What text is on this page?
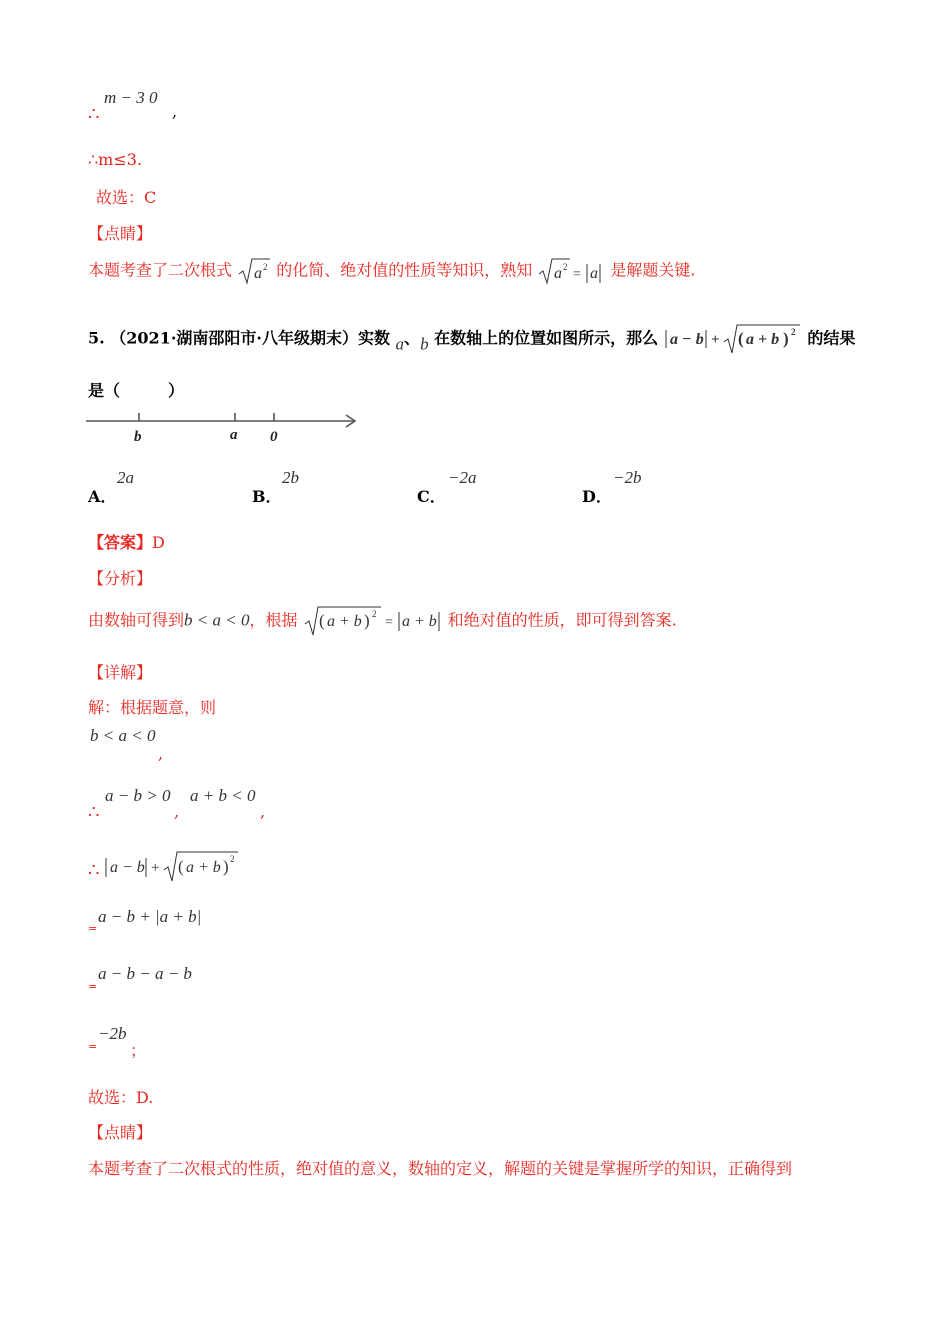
∴
m − 3 0
,
∴m≤3.
故选：C
【点睛】
本题考查了二次根式 a 2 的化简、绝对值的性质等知识，熟知 a 2 = a 是解题关键.
5. （2021·湖南邵阳市·八年级期末）实数 a、b 在数轴上的位置如图所示，那么 a − b + ( a + b ) 2 的结果
是（　　　）
b	a 0
A．
2a
B．
2b
C．
−2a
D．
−2b
【答案】D
【分析】
由数轴可得到b < a < 0，根据 ( a + b ) 2
= a + b 和绝对值的性质，即可得到答案.
【详解】
解：根据题意，则
b < a < 0
,
∴
a − b > 0
,
a + b < 0
,
∴ a − b + ( a + b ) 2
=
a − b + |a + b|
=
a − b − a − b
=
−2b
；
故选：D.
【点睛】
本题考查了二次根式的性质，绝对值的意义，数轴的定义，解题的关键是掌握所学的知识，正确得到
